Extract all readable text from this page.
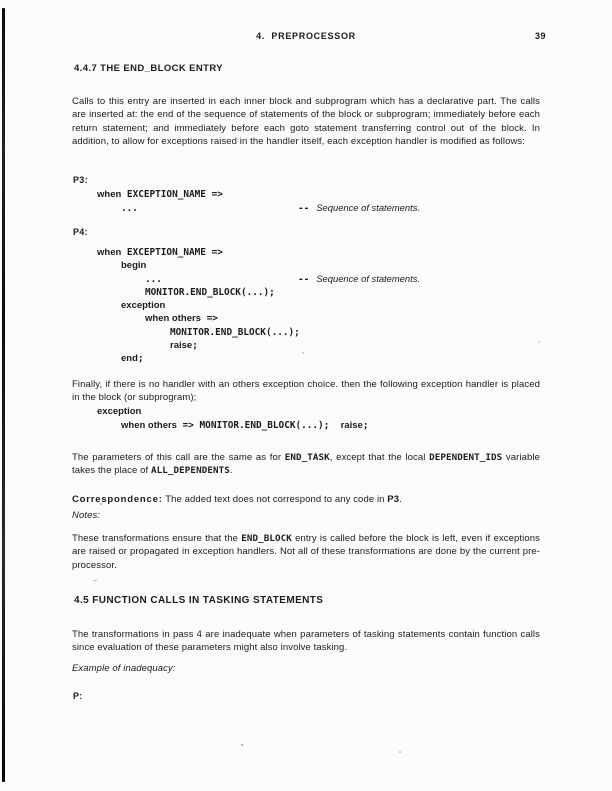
4.  PREPROCESSOR	39
4.4.7 THE END_BLOCK ENTRY

Calls to this entry are inserted in each inner block and subprogram which has a declarative part. The calls are inserted at: the end of the sequence of statements of the block or subprogram; immediately before each return statement; and immediately before each goto statement transferring control out of the block. In addition, to allow for exceptions raised in the handler itself, each exception handler is modified as follows:

P3:
when EXCEPTION_NAME =>
...	-- Sequence of statements.
P4:
when EXCEPTION_NAME =>
begin
...	-- Sequence of statements.
MONITOR.END_BLOCK(...);
exception
when others =>
MONITOR.END_BLOCK(...);
raise;
end;

Finally, if there is no handler with an others exception choice. then the following exception handler is placed in the block (or subprogram);

exception
when others => MONITOR.END_BLOCK(...);  raise;

The parameters of this call are the same as for END_TASK, except that the local DEPENDENT_IDS variable takes the place of ALL_DEPENDENTS.

Correspondence: The added text does not correspond to any code in P3.

Notes:

These transformations ensure that the END_BLOCK entry is called before the block is left, even if exceptions are raised or propagated in exception handlers. Not all of these transformations are done by the current pre-processor.

4.5 FUNCTION CALLS IN TASKING STATEMENTS

The transformations in pass 4 are inadequate when parameters of tasking statements contain function calls since evaluation of these parameters might also involve tasking.

Example of inadequacy:
P:
